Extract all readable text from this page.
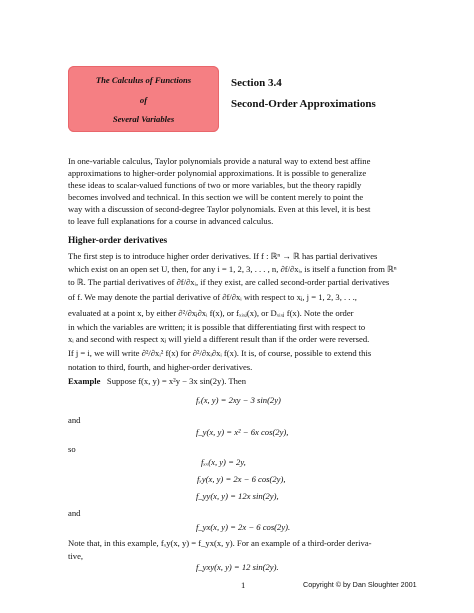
The Calculus of Functions
of
Several Variables
Section 3.4
Second-Order Approximations
In one-variable calculus, Taylor polynomials provide a natural way to extend best affine
approximations to higher-order polynomial approximations. It is possible to generalize
these ideas to scalar-valued functions of two or more variables, but the theory rapidly
becomes involved and technical. In this section we will be content merely to point the
way with a discussion of second-degree Taylor polynomials. Even at this level, it is best
to leave full explanations for a course in advanced calculus.
Higher-order derivatives
The first step is to introduce higher order derivatives. If f : ℝⁿ → ℝ has partial derivatives
which exist on an open set U, then, for any i = 1, 2, 3, . . . , n, ∂f/∂xᵢ, is itself a function from ℝⁿ
to ℝ. The partial derivatives of ∂f/∂xᵢ, if they exist, are called second-order partial derivatives
of f. We may denote the partial derivative of ∂f/∂xᵢ with respect to xⱼ, j = 1, 2, 3, . . .,
evaluated at a point x, by either ∂²/∂xⱼ∂xᵢ f(x), or fₓᵢₓⱼ(x), or Dₓᵢₓⱼ f(x). Note the order
in which the variables are written; it is possible that differentiating first with respect to
xᵢ and second with respect xⱼ will yield a different result than if the order were reversed.
If j = i, we will write ∂²/∂xᵢ² f(x) for ∂²/∂xᵢ∂xᵢ f(x). It is, of course, possible to extend this
notation to third, fourth, and higher-order derivatives.
Example Suppose f(x, y) = x²y − 3x sin(2y). Then
fₓ(x, y) = 2xy − 3 sin(2y)
and
f_y(x, y) = x² − 6x cos(2y),
so
fₓₓ(x, y) = 2y,
fₓy(x, y) = 2x − 6 cos(2y),
f_yy(x, y) = 12x sin(2y),
and
f_yx(x, y) = 2x − 6 cos(2y).
Note that, in this example, fₓy(x, y) = f_yx(x, y). For an example of a third-order deriva-
tive,
f_yxy(x, y) = 12 sin(2y).
1	Copyright © by Dan Sloughter 2001
